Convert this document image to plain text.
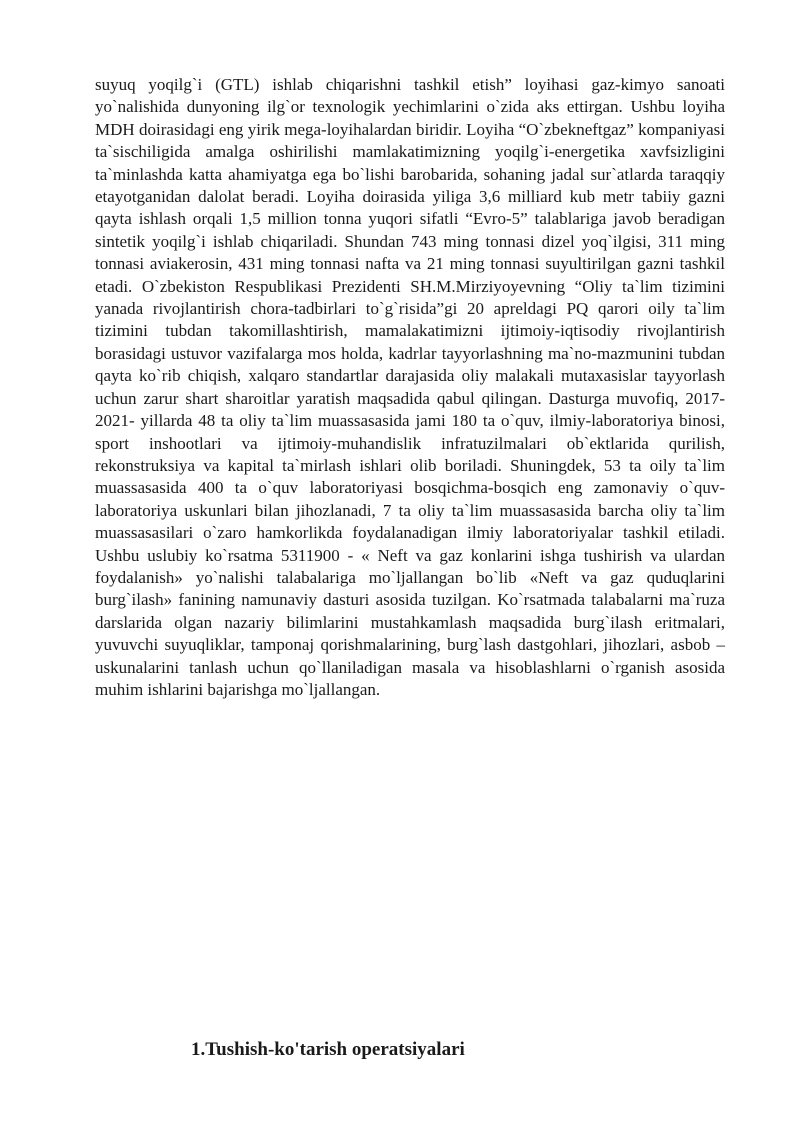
suyuq yoqilg`i (GTL) ishlab chiqarishni tashkil etish” loyihasi gaz-kimyo sanoati yo`nalishida dunyoning ilg`or texnologik yechimlarini o`zida aks ettirgan. Ushbu loyiha MDH doirasidagi eng yirik mega-loyihalardan biridir. Loyiha “O`zbekneftgaz” kompaniyasi ta`sischiligida amalga oshirilishi mamlakatimizning yoqilg`i-energetika xavfsizligini ta`minlashda katta ahamiyatga ega bo`lishi barobarida, sohaning jadal sur`atlarda taraqqiy etayotganidan dalolat beradi. Loyiha doirasida yiliga 3,6 milliard kub metr tabiiy gazni qayta ishlash orqali 1,5 million tonna yuqori sifatli “Evro-5” talablariga javob beradigan sintetik yoqilg`i ishlab chiqariladi. Shundan 743 ming tonnasi dizel yoq`ilgisi, 311 ming tonnasi aviakerosin, 431 ming tonnasi nafta va 21 ming tonnasi suyultirilgan gazni tashkil etadi. O`zbekiston Respublikasi Prezidenti SH.M.Mirziyoyevning “Oliy ta`lim tizimini yanada rivojlantirish chora-tadbirlari to`g`risida”gi 20 apreldagi PQ qarori oily ta`lim tizimini tubdan takomillashtirish, mamalakatimizni ijtimoiy-iqtisodiy rivojlantirish borasidagi ustuvor vazifalarga mos holda, kadrlar tayyorlashning ma`no-mazmunini tubdan qayta ko`rib chiqish, xalqaro standartlar darajasida oliy malakali mutaxasislar tayyorlash uchun zarur shart sharoitlar yaratish maqsadida qabul qilingan. Dasturga muvofiq, 2017-2021- yillarda 48 ta oliy ta`lim muassasasida jami 180 ta o`quv, ilmiy-laboratoriya binosi, sport inshootlari va ijtimoiy-muhandislik infratuzilmalari ob`ektlarida qurilish, rekonstruksiya va kapital ta`mirlash ishlari olib boriladi. Shuningdek, 53 ta oily ta`lim muassasasida 400 ta o`quv laboratoriyasi bosqichma-bosqich eng zamonaviy o`quv-laboratoriya uskunlari bilan jihozlanadi, 7 ta oliy ta`lim muassasasida barcha oliy ta`lim muassasasilari o`zaro hamkorlikda foydalanadigan ilmiy laboratoriyalar tashkil etiladi. Ushbu uslubiy ko`rsatma 5311900 - « Neft va gaz konlarini ishga tushirish va ulardan foydalanish» yo`nalishi talabalariga mo`ljallangan bo`lib «Neft va gaz quduqlarini burg`ilash» fanining namunaviy dasturi asosida tuzilgan. Ko`rsatmada talabalarni ma`ruza darslarida olgan nazariy bilimlarini mustahkamlash maqsadida burg`ilash eritmalari, yuvuvchi suyuqliklar, tamponaj qorishmalarining, burg`lash dastgohlari, jihozlari, asbob – uskunalarini tanlash uchun qo`llaniladigan masala va hisoblashlarni o`rganish asosida muhim ishlarini bajarishga mo`ljallangan.

1.Tushish-ko'tarish operatsiyalari
